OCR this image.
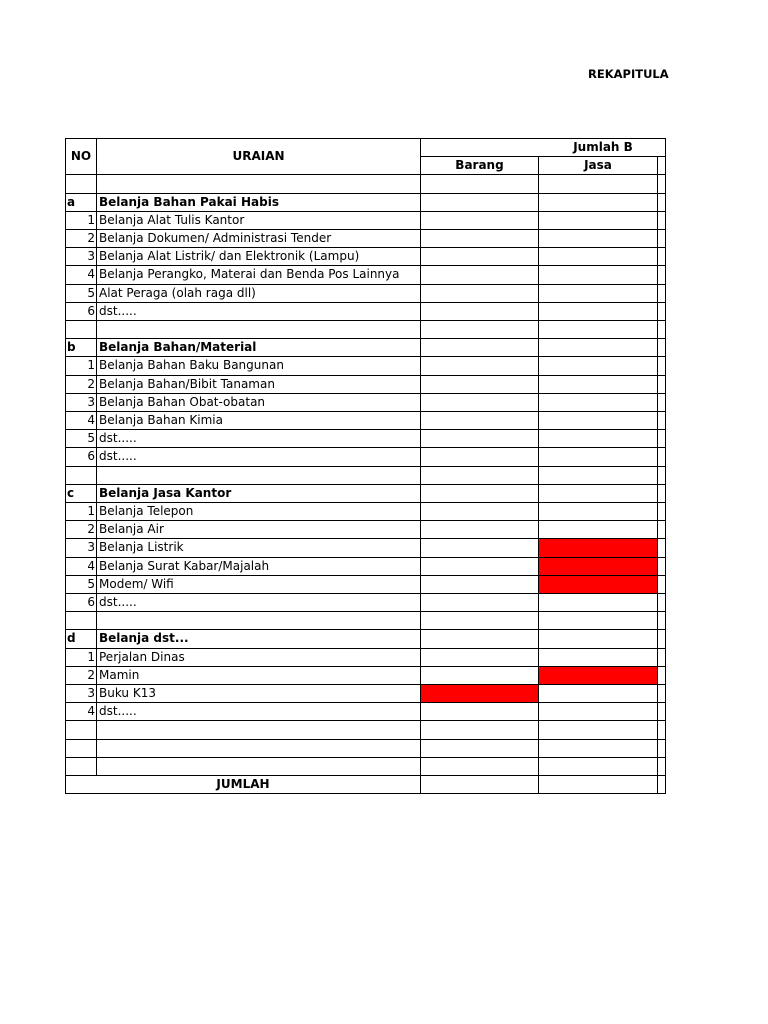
REKAPITULA
NO	URAIAN	Jumlah B		
		Barang	Jasa	

a	Belanja Bahan Pakai Habis			
1	Belanja Alat Tulis Kantor			
2	Belanja Dokumen/ Administrasi Tender			
3	Belanja Alat Listrik/ dan Elektronik (Lampu)			
4	Belanja Perangko, Materai dan Benda Pos Lainnya			
5	Alat Peraga (olah raga dll)			
6	dst.....			

b	Belanja Bahan/Material			
1	Belanja Bahan Baku Bangunan			
2	Belanja Bahan/Bibit Tanaman			
3	Belanja Bahan Obat-obatan			
4	Belanja Bahan Kimia			
5	dst.....			
6	dst.....			

c	Belanja Jasa Kantor			
1	Belanja Telepon			
2	Belanja Air			
3	Belanja Listrik			
4	Belanja Surat Kabar/Majalah			
5	Modem/ Wifi			
6	dst.....			

d	Belanja dst...			
1	Perjalan Dinas			
2	Mamin			
3	Buku K13			
4	dst.....			

JUMLAH				
